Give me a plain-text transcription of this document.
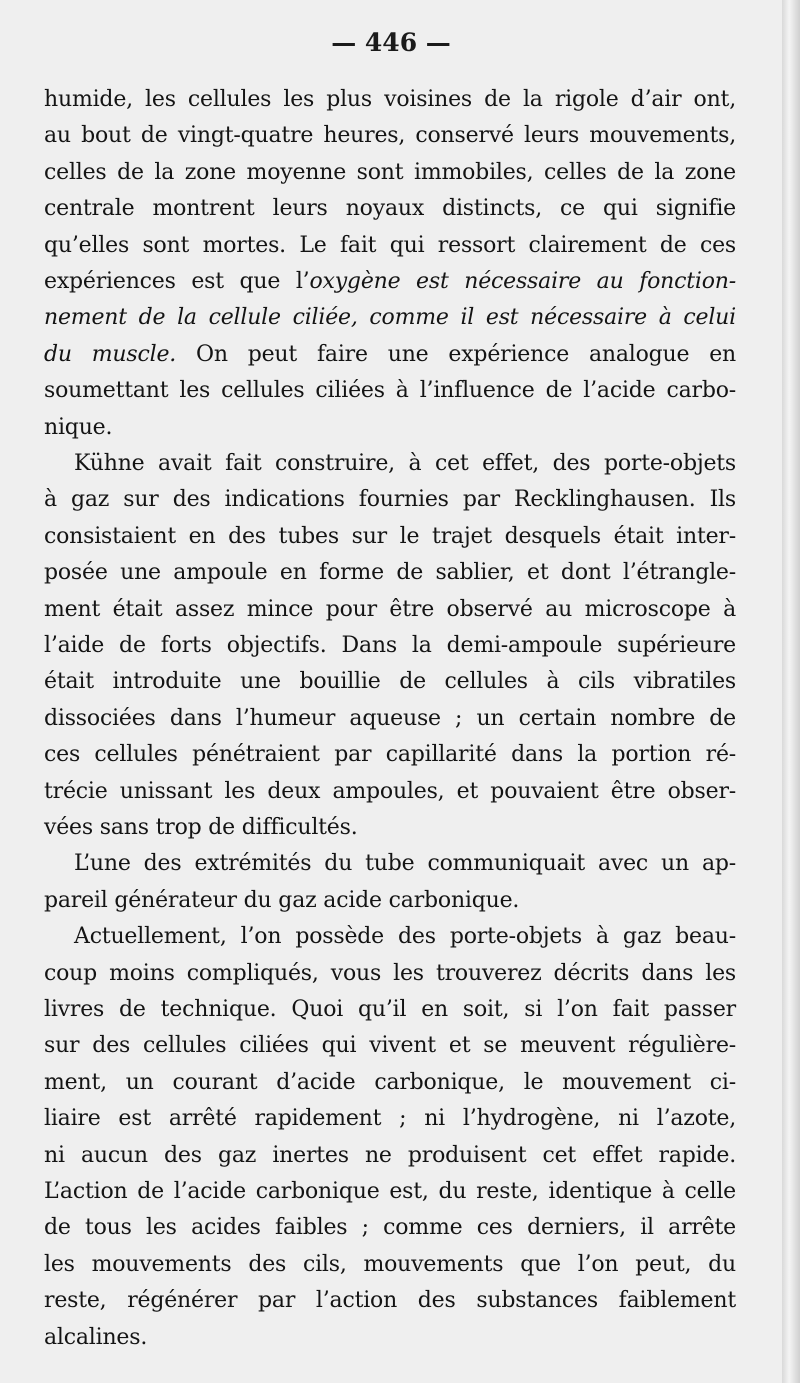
— 446 —
humide, les cellules les plus voisines de la rigole d’air ont,
au bout de vingt-quatre heures, conservé leurs mouvements,
celles de la zone moyenne sont immobiles, celles de la zone
centrale montrent leurs noyaux distincts, ce qui signifie
qu’elles sont mortes. Le fait qui ressort clairement de ces
expériences est que l’oxygène est nécessaire au fonction-
nement de la cellule ciliée, comme il est nécessaire à celui
du muscle. On peut faire une expérience analogue en
soumettant les cellules ciliées à l’influence de l’acide carbo-
nique.
Kühne avait fait construire, à cet effet, des porte-objets
à gaz sur des indications fournies par Recklinghausen. Ils
consistaient en des tubes sur le trajet desquels était inter-
posée une ampoule en forme de sablier, et dont l’étrangle-
ment était assez mince pour être observé au microscope à
l’aide de forts objectifs. Dans la demi-ampoule supérieure
était introduite une bouillie de cellules à cils vibratiles
dissociées dans l’humeur aqueuse ; un certain nombre de
ces cellules pénétraient par capillarité dans la portion ré-
trécie unissant les deux ampoules, et pouvaient être obser-
vées sans trop de difficultés.
L’une des extrémités du tube communiquait avec un ap-
pareil générateur du gaz acide carbonique.
Actuellement, l’on possède des porte-objets à gaz beau-
coup moins compliqués, vous les trouverez décrits dans les
livres de technique. Quoi qu’il en soit, si l’on fait passer
sur des cellules ciliées qui vivent et se meuvent régulière-
ment, un courant d’acide carbonique, le mouvement ci-
liaire est arrêté rapidement ; ni l’hydrogène, ni l’azote,
ni aucun des gaz inertes ne produisent cet effet rapide.
L’action de l’acide carbonique est, du reste, identique à celle
de tous les acides faibles ; comme ces derniers, il arrête
les mouvements des cils, mouvements que l’on peut, du
reste, régénérer par l’action des substances faiblement
alcalines.
